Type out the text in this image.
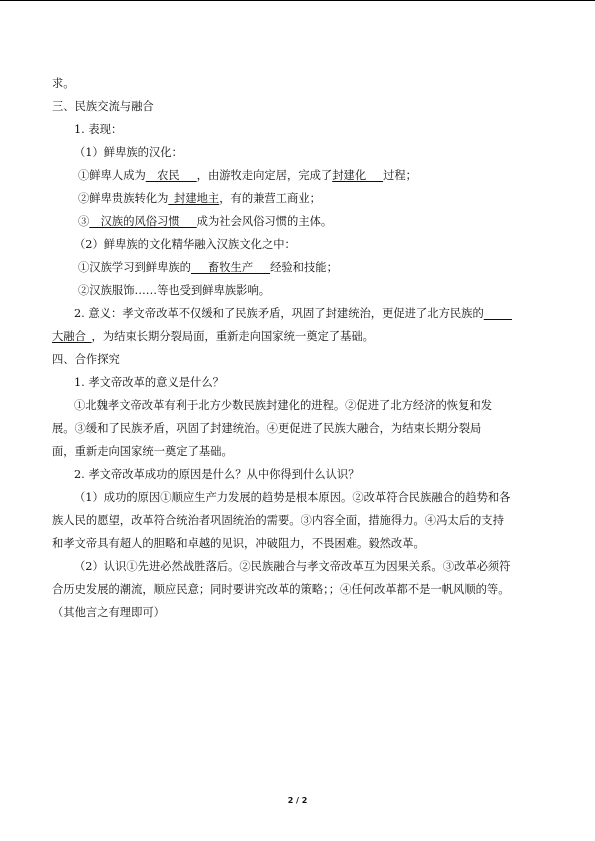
求。
三、民族交流与融合
1. 表现：
（1）鲜卑族的汉化：
①鲜卑人成为__农民___，由游牧走向定居，完成了封建化___过程；
②鲜卑贵族转化为_封建地主，有的兼营工商业；
③__汉族的风俗习惯___成为社会风俗习惯的主体。
（2）鲜卑族的文化精华融入汉族文化之中：
①汉族学习到鲜卑族的___畜牧生产___经验和技能；
②汉族服饰……等也受到鲜卑族影响。
2. 意义：孝文帝改革不仅缓和了民族矛盾，巩固了封建统治，更促进了北方民族的_____
大融合_，为结束长期分裂局面，重新走向国家统一奠定了基础。
四、合作探究
1. 孝文帝改革的意义是什么？
①北魏孝文帝改革有利于北方少数民族封建化的进程。②促进了北方经济的恢复和发
展。③缓和了民族矛盾，巩固了封建统治。④更促进了民族大融合，为结束长期分裂局
面，重新走向国家统一奠定了基础。
2. 孝文帝改革成功的原因是什么？从中你得到什么认识？
（1）成功的原因①顺应生产力发展的趋势是根本原因。②改革符合民族融合的趋势和各
族人民的愿望，改革符合统治者巩固统治的需要。③内容全面，措施得力。④冯太后的支持
和孝文帝具有超人的胆略和卓越的见识，冲破阻力，不畏困难。毅然改革。
（2）认识①先进必然战胜落后。②民族融合与孝文帝改革互为因果关系。③改革必须符
合历史发展的潮流，顺应民意；同时要讲究改革的策略；；④任何改革都不是一帆风顺的等。
（其他言之有理即可）
2 / 2
